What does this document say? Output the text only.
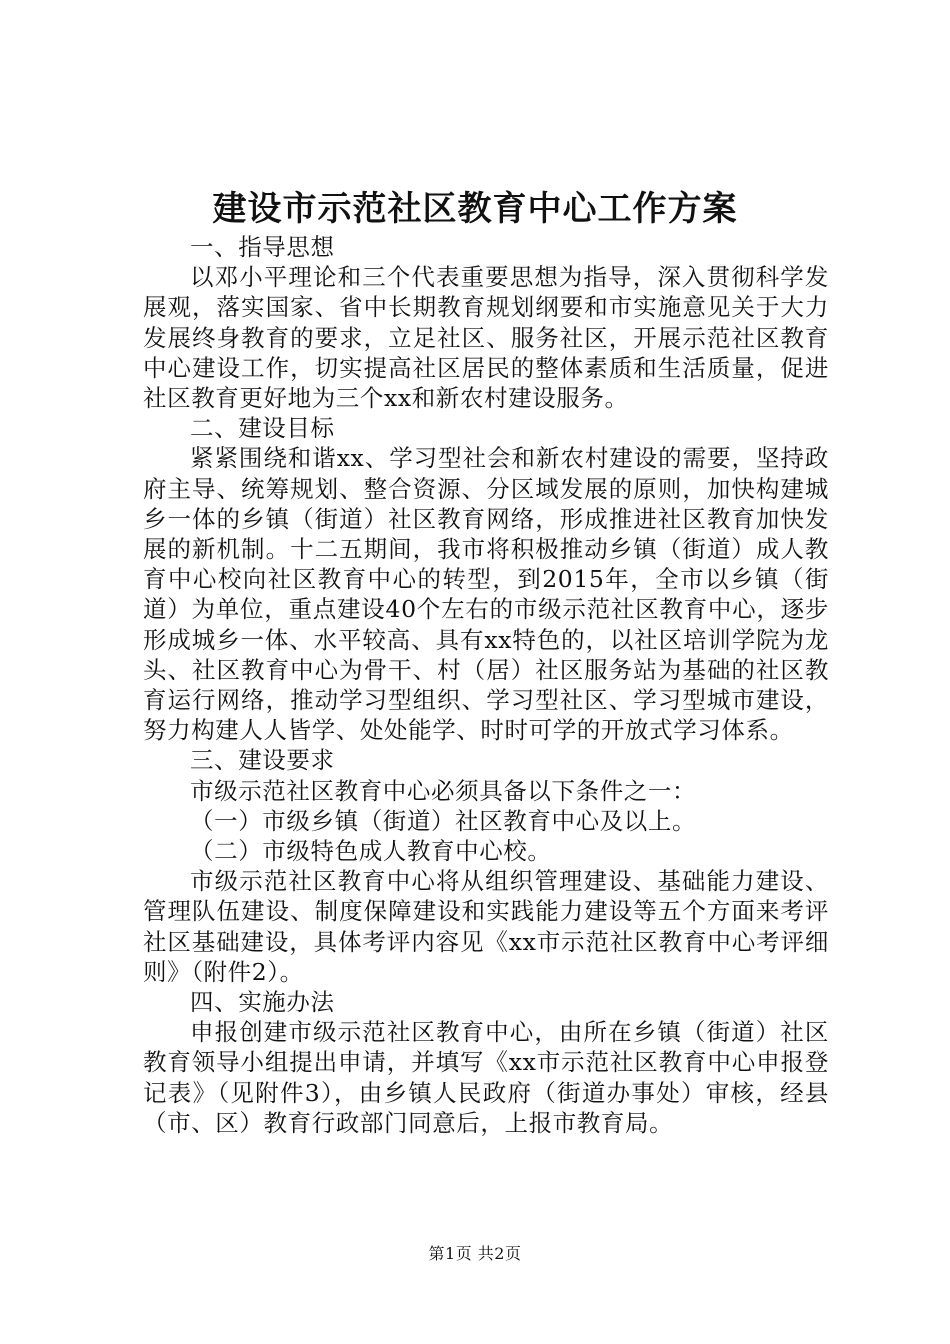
建设市示范社区教育中心工作方案

一、指导思想

以邓小平理论和三个代表重要思想为指导，深入贯彻科学发展观，落实国家、省中长期教育规划纲要和市实施意见关于大力发展终身教育的要求，立足社区、服务社区，开展示范社区教育中心建设工作，切实提高社区居民的整体素质和生活质量，促进社区教育更好地为三个xx和新农村建设服务。

二、建设目标

紧紧围绕和谐xx、学习型社会和新农村建设的需要，坚持政府主导、统筹规划、整合资源、分区域发展的原则，加快构建城乡一体的乡镇（街道）社区教育网络，形成推进社区教育加快发展的新机制。十二五期间，我市将积极推动乡镇（街道）成人教育中心校向社区教育中心的转型，到2015年，全市以乡镇（街道）为单位，重点建设40个左右的市级示范社区教育中心，逐步形成城乡一体、水平较高、具有xx特色的，以社区培训学院为龙头、社区教育中心为骨干、村（居）社区服务站为基础的社区教育运行网络，推动学习型组织、学习型社区、学习型城市建设，努力构建人人皆学、处处能学、时时可学的开放式学习体系。

三、建设要求

市级示范社区教育中心必须具备以下条件之一：

（一）市级乡镇（街道）社区教育中心及以上。

（二）市级特色成人教育中心校。

市级示范社区教育中心将从组织管理建设、基础能力建设、管理队伍建设、制度保障建设和实践能力建设等五个方面来考评社区基础建设，具体考评内容见《xx市示范社区教育中心考评细则》（附件2）。

四、实施办法

申报创建市级示范社区教育中心，由所在乡镇（街道）社区教育领导小组提出申请，并填写《xx市示范社区教育中心申报登记表》（见附件3），由乡镇人民政府（街道办事处）审核，经县（市、区）教育行政部门同意后，上报市教育局。

第1页 共2页
